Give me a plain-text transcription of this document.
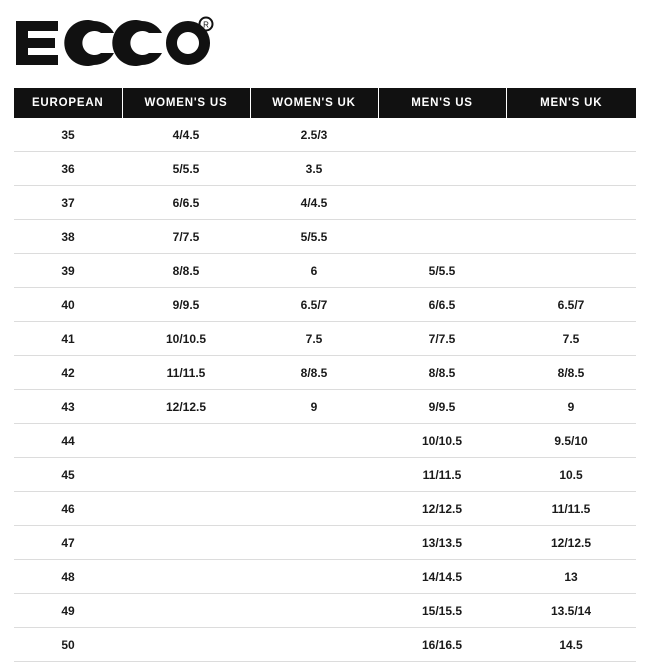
R
EUROPEAN	WOMEN'S US	WOMEN'S UK	MEN'S US	MEN'S UK
35	4/4.5	2.5/3		
36	5/5.5	3.5		
37	6/6.5	4/4.5		
38	7/7.5	5/5.5		
39	8/8.5	6	5/5.5	
40	9/9.5	6.5/7	6/6.5	6.5/7
41	10/10.5	7.5	7/7.5	7.5
42	11/11.5	8/8.5	8/8.5	8/8.5
43	12/12.5	9	9/9.5	9
44			10/10.5	9.5/10
45			11/11.5	10.5
46			12/12.5	11/11.5
47			13/13.5	12/12.5
48			14/14.5	13
49			15/15.5	13.5/14
50			16/16.5	14.5
